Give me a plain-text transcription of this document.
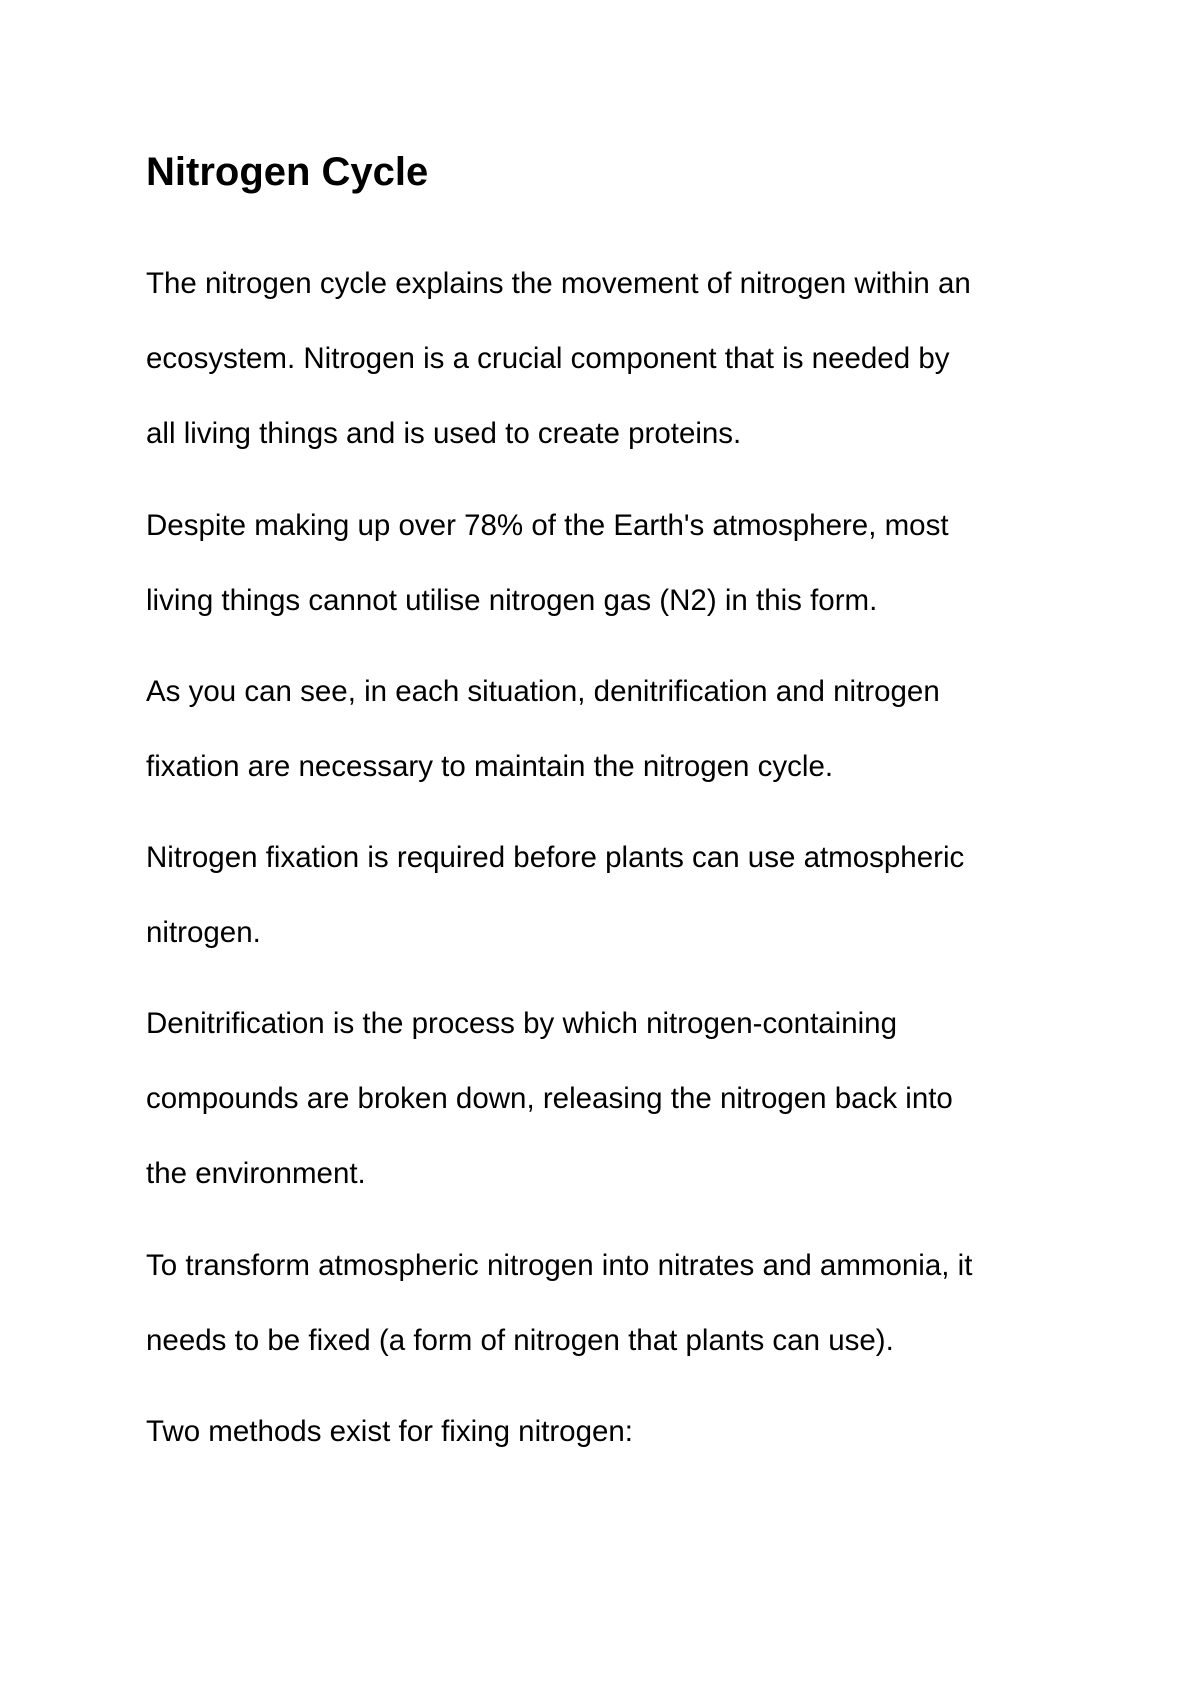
Nitrogen Cycle

The nitrogen cycle explains the movement of nitrogen within an
ecosystem. Nitrogen is a crucial component that is needed by
all living things and is used to create proteins.

Despite making up over 78% of the Earth's atmosphere, most
living things cannot utilise nitrogen gas (N2) in this form.

As you can see, in each situation, denitrification and nitrogen
fixation are necessary to maintain the nitrogen cycle.

Nitrogen fixation is required before plants can use atmospheric
nitrogen.

Denitrification is the process by which nitrogen-containing
compounds are broken down, releasing the nitrogen back into
the environment.

To transform atmospheric nitrogen into nitrates and ammonia, it
needs to be fixed (a form of nitrogen that plants can use).

Two methods exist for fixing nitrogen:
